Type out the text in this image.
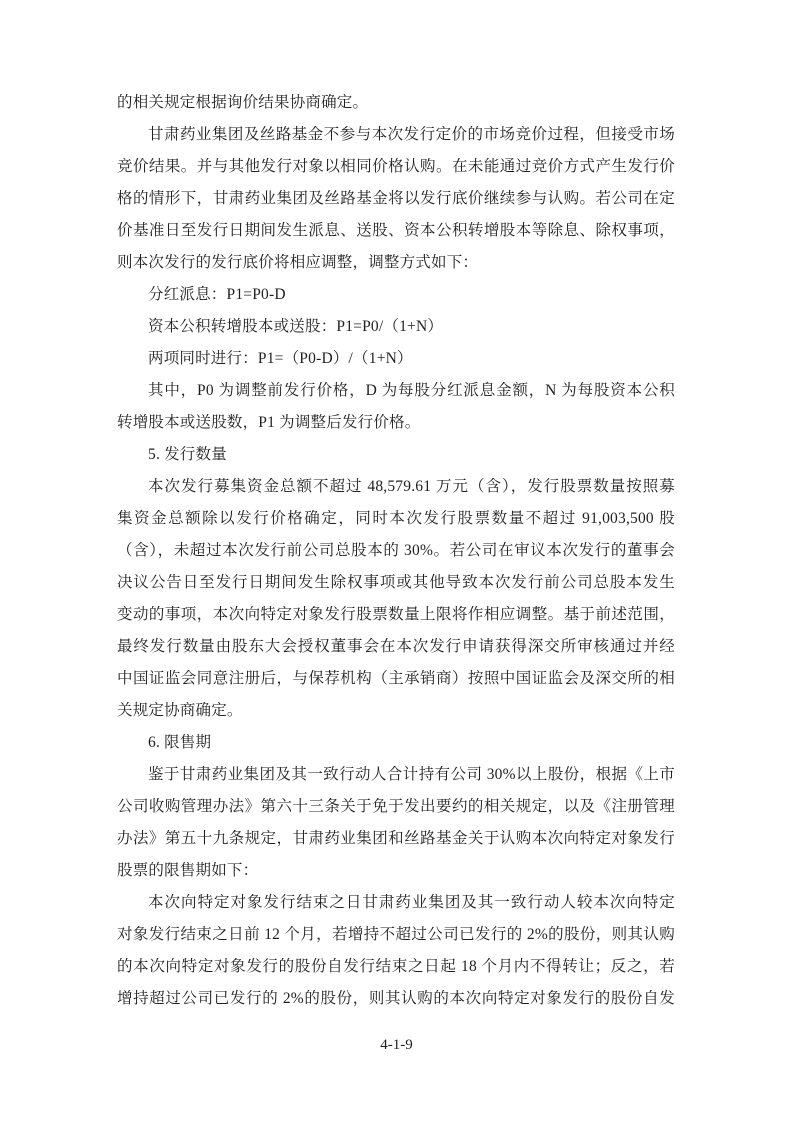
的相关规定根据询价结果协商确定。
甘肃药业集团及丝路基金不参与本次发行定价的市场竞价过程，但接受市场
竞价结果。并与其他发行对象以相同价格认购。在未能通过竞价方式产生发行价
格的情形下，甘肃药业集团及丝路基金将以发行底价继续参与认购。若公司在定
价基准日至发行日期间发生派息、送股、资本公积转增股本等除息、除权事项，
则本次发行的发行底价将相应调整，调整方式如下：
分红派息：P1=P0-D
资本公积转增股本或送股：P1=P0/（1+N）
两项同时进行：P1=（P0-D）/（1+N）
其中，P0 为调整前发行价格，D 为每股分红派息金额，N 为每股资本公积
转增股本或送股数，P1 为调整后发行价格。
5. 发行数量
本次发行募集资金总额不超过 48,579.61 万元（含），发行股票数量按照募
集资金总额除以发行价格确定，同时本次发行股票数量不超过 91,003,500 股
（含），未超过本次发行前公司总股本的 30%。若公司在审议本次发行的董事会
决议公告日至发行日期间发生除权事项或其他导致本次发行前公司总股本发生
变动的事项，本次向特定对象发行股票数量上限将作相应调整。基于前述范围，
最终发行数量由股东大会授权董事会在本次发行申请获得深交所审核通过并经
中国证监会同意注册后，与保荐机构（主承销商）按照中国证监会及深交所的相
关规定协商确定。
6. 限售期
鉴于甘肃药业集团及其一致行动人合计持有公司 30%以上股份，根据《上市
公司收购管理办法》第六十三条关于免于发出要约的相关规定，以及《注册管理
办法》第五十九条规定，甘肃药业集团和丝路基金关于认购本次向特定对象发行
股票的限售期如下：
本次向特定对象发行结束之日甘肃药业集团及其一致行动人较本次向特定
对象发行结束之日前 12 个月，若增持不超过公司已发行的 2%的股份，则其认购
的本次向特定对象发行的股份自发行结束之日起 18 个月内不得转让；反之，若
增持超过公司已发行的 2%的股份，则其认购的本次向特定对象发行的股份自发
4-1-9
